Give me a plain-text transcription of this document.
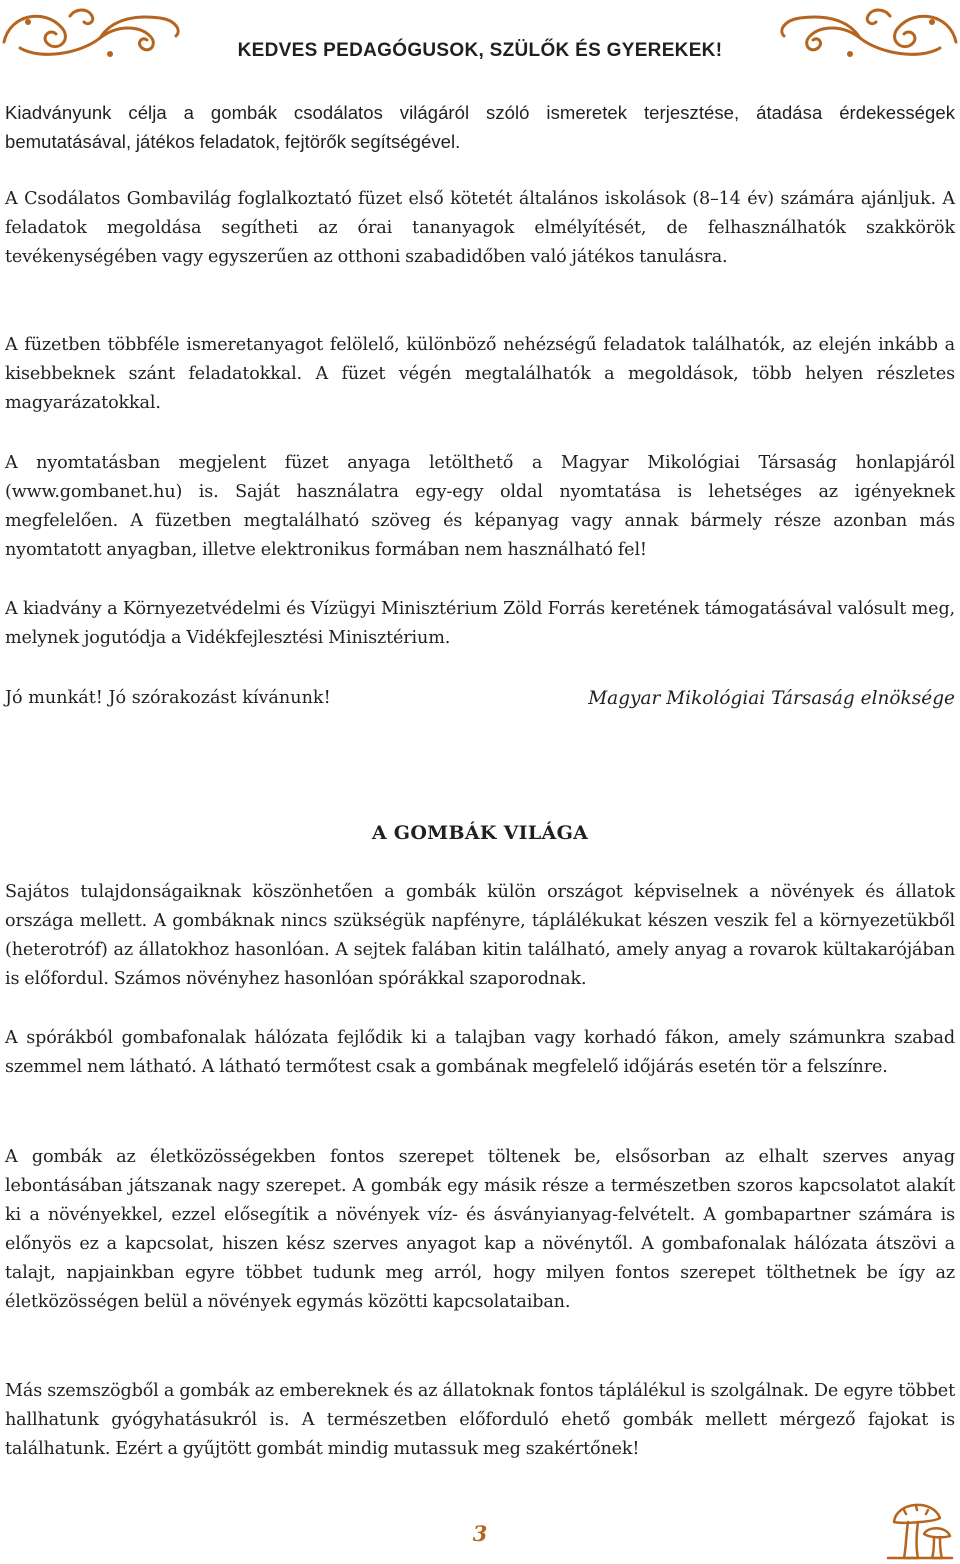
KEDVES PEDAGÓGUSOK, SZÜLŐK ÉS GYEREKEK!

Kiadványunk célja a gombák csodálatos világáról szóló ismeretek terjesztése, átadása érdekességek bemutatásával, játékos feladatok, fejtörők segítségével.

A Csodálatos Gombavilág foglalkoztató füzet első kötetét általános iskolások (8–14 év) számára ajánljuk. A feladatok megoldása segítheti az órai tananyagok elmélyítését, de felhasználhatók szakkörök tevékenységében vagy egyszerűen az otthoni szabadidőben való játékos tanulásra.

A füzetben többféle ismeretanyagot felölelő, különböző nehézségű feladatok találhatók, az elején inkább a kisebbeknek szánt feladatokkal. A füzet végén megtalálhatók a megoldások, több helyen részletes magyarázatokkal.

A nyomtatásban megjelent füzet anyaga letölthető a Magyar Mikológiai Társaság honlapjáról (www.gombanet.hu) is. Saját használatra egy-egy oldal nyomtatása is lehetséges az igényeknek megfelelően. A füzetben megtalálható szöveg és képanyag vagy annak bármely része azonban más nyomtatott anyagban, illetve elektronikus formában nem használható fel!

A kiadvány a Környezetvédelmi és Vízügyi Minisztérium Zöld Forrás keretének támogatásával valósult meg, melynek jogutódja a Vidékfejlesztési Minisztérium.

Jó munkát! Jó szórakozást kívánunk!	Magyar Mikológiai Társaság elnöksége
A GOMBÁK VILÁGA

Sajátos tulajdonságaiknak köszönhetően a gombák külön országot képviselnek a növények és állatok országa mellett. A gombáknak nincs szükségük napfényre, táplálékukat készen veszik fel a környezetükből (heterotróf) az állatokhoz hasonlóan. A sejtek falában kitin található, amely anyag a rovarok kültakarójában is előfordul. Számos növényhez hasonlóan spórákkal szaporodnak.

A spórákból gombafonalak hálózata fejlődik ki a talajban vagy korhadó fákon, amely számunkra szabad szemmel nem látható. A látható termőtest csak a gombának megfelelő időjárás esetén tör a felszínre.

A gombák az életközösségekben fontos szerepet töltenek be, elsősorban az elhalt szerves anyag lebontásában játszanak nagy szerepet. A gombák egy másik része a természetben szoros kapcsolatot alakít ki a növényekkel, ezzel elősegítik a növények víz- és ásványianyag-felvételt. A gombapartner számára is előnyös ez a kapcsolat, hiszen kész szerves anyagot kap a növénytől. A gombafonalak hálózata átszövi a talajt, napjainkban egyre többet tudunk meg arról, hogy milyen fontos szerepet tölthetnek be így az életközösségen belül a növények egymás közötti kapcsolataiban.

Más szemszögből a gombák az embereknek és az állatoknak fontos táplálékul is szolgálnak. De egyre többet hallhatunk gyógyhatásukról is. A természetben előforduló ehető gombák mellett mérgező fajokat is találhatunk. Ezért a gyűjtött gombát mindig mutassuk meg szakértőnek!

3
